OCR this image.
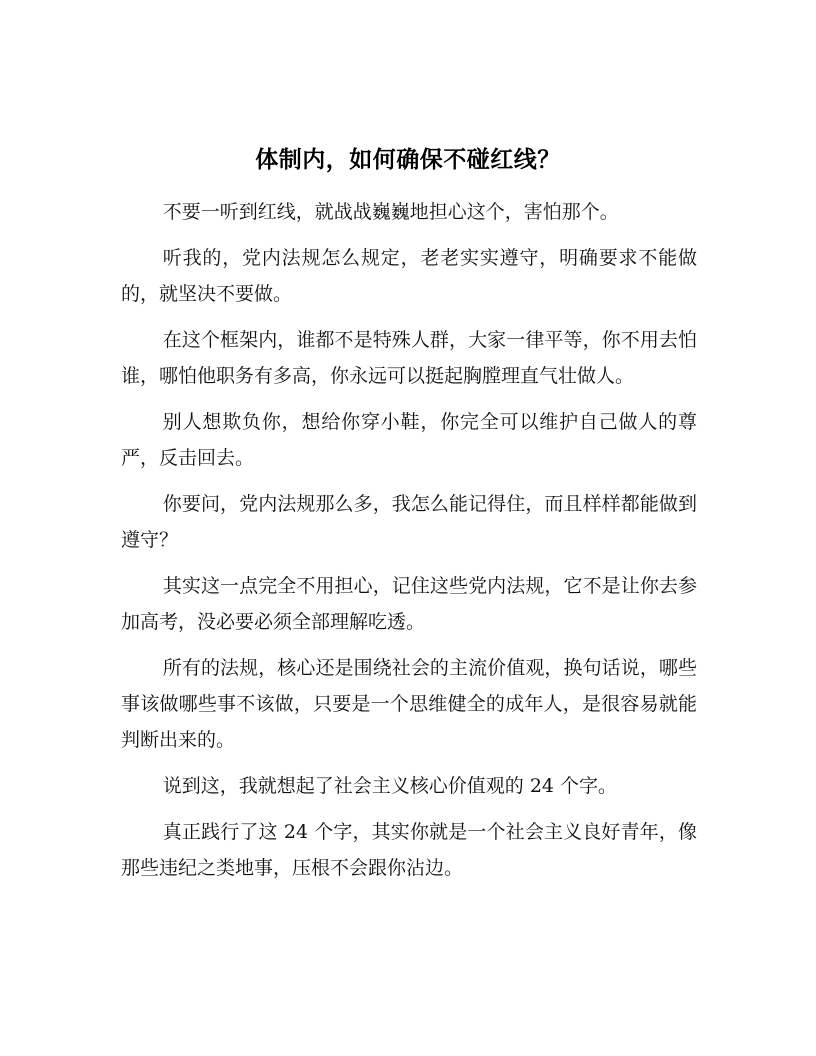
体制内，如何确保不碰红线？

不要一听到红线，就战战巍巍地担心这个，害怕那个。

听我的，党内法规怎么规定，老老实实遵守，明确要求不能做的，就坚决不要做。

在这个框架内，谁都不是特殊人群，大家一律平等，你不用去怕谁，哪怕他职务有多高，你永远可以挺起胸膛理直气壮做人。

别人想欺负你，想给你穿小鞋，你完全可以维护自己做人的尊严，反击回去。

你要问，党内法规那么多，我怎么能记得住，而且样样都能做到遵守？

其实这一点完全不用担心，记住这些党内法规，它不是让你去参加高考，没必要必须全部理解吃透。

所有的法规，核心还是围绕社会的主流价值观，换句话说，哪些事该做哪些事不该做，只要是一个思维健全的成年人，是很容易就能判断出来的。

说到这，我就想起了社会主义核心价值观的 24 个字。

真正践行了这 24 个字，其实你就是一个社会主义良好青年，像那些违纪之类地事，压根不会跟你沾边。
